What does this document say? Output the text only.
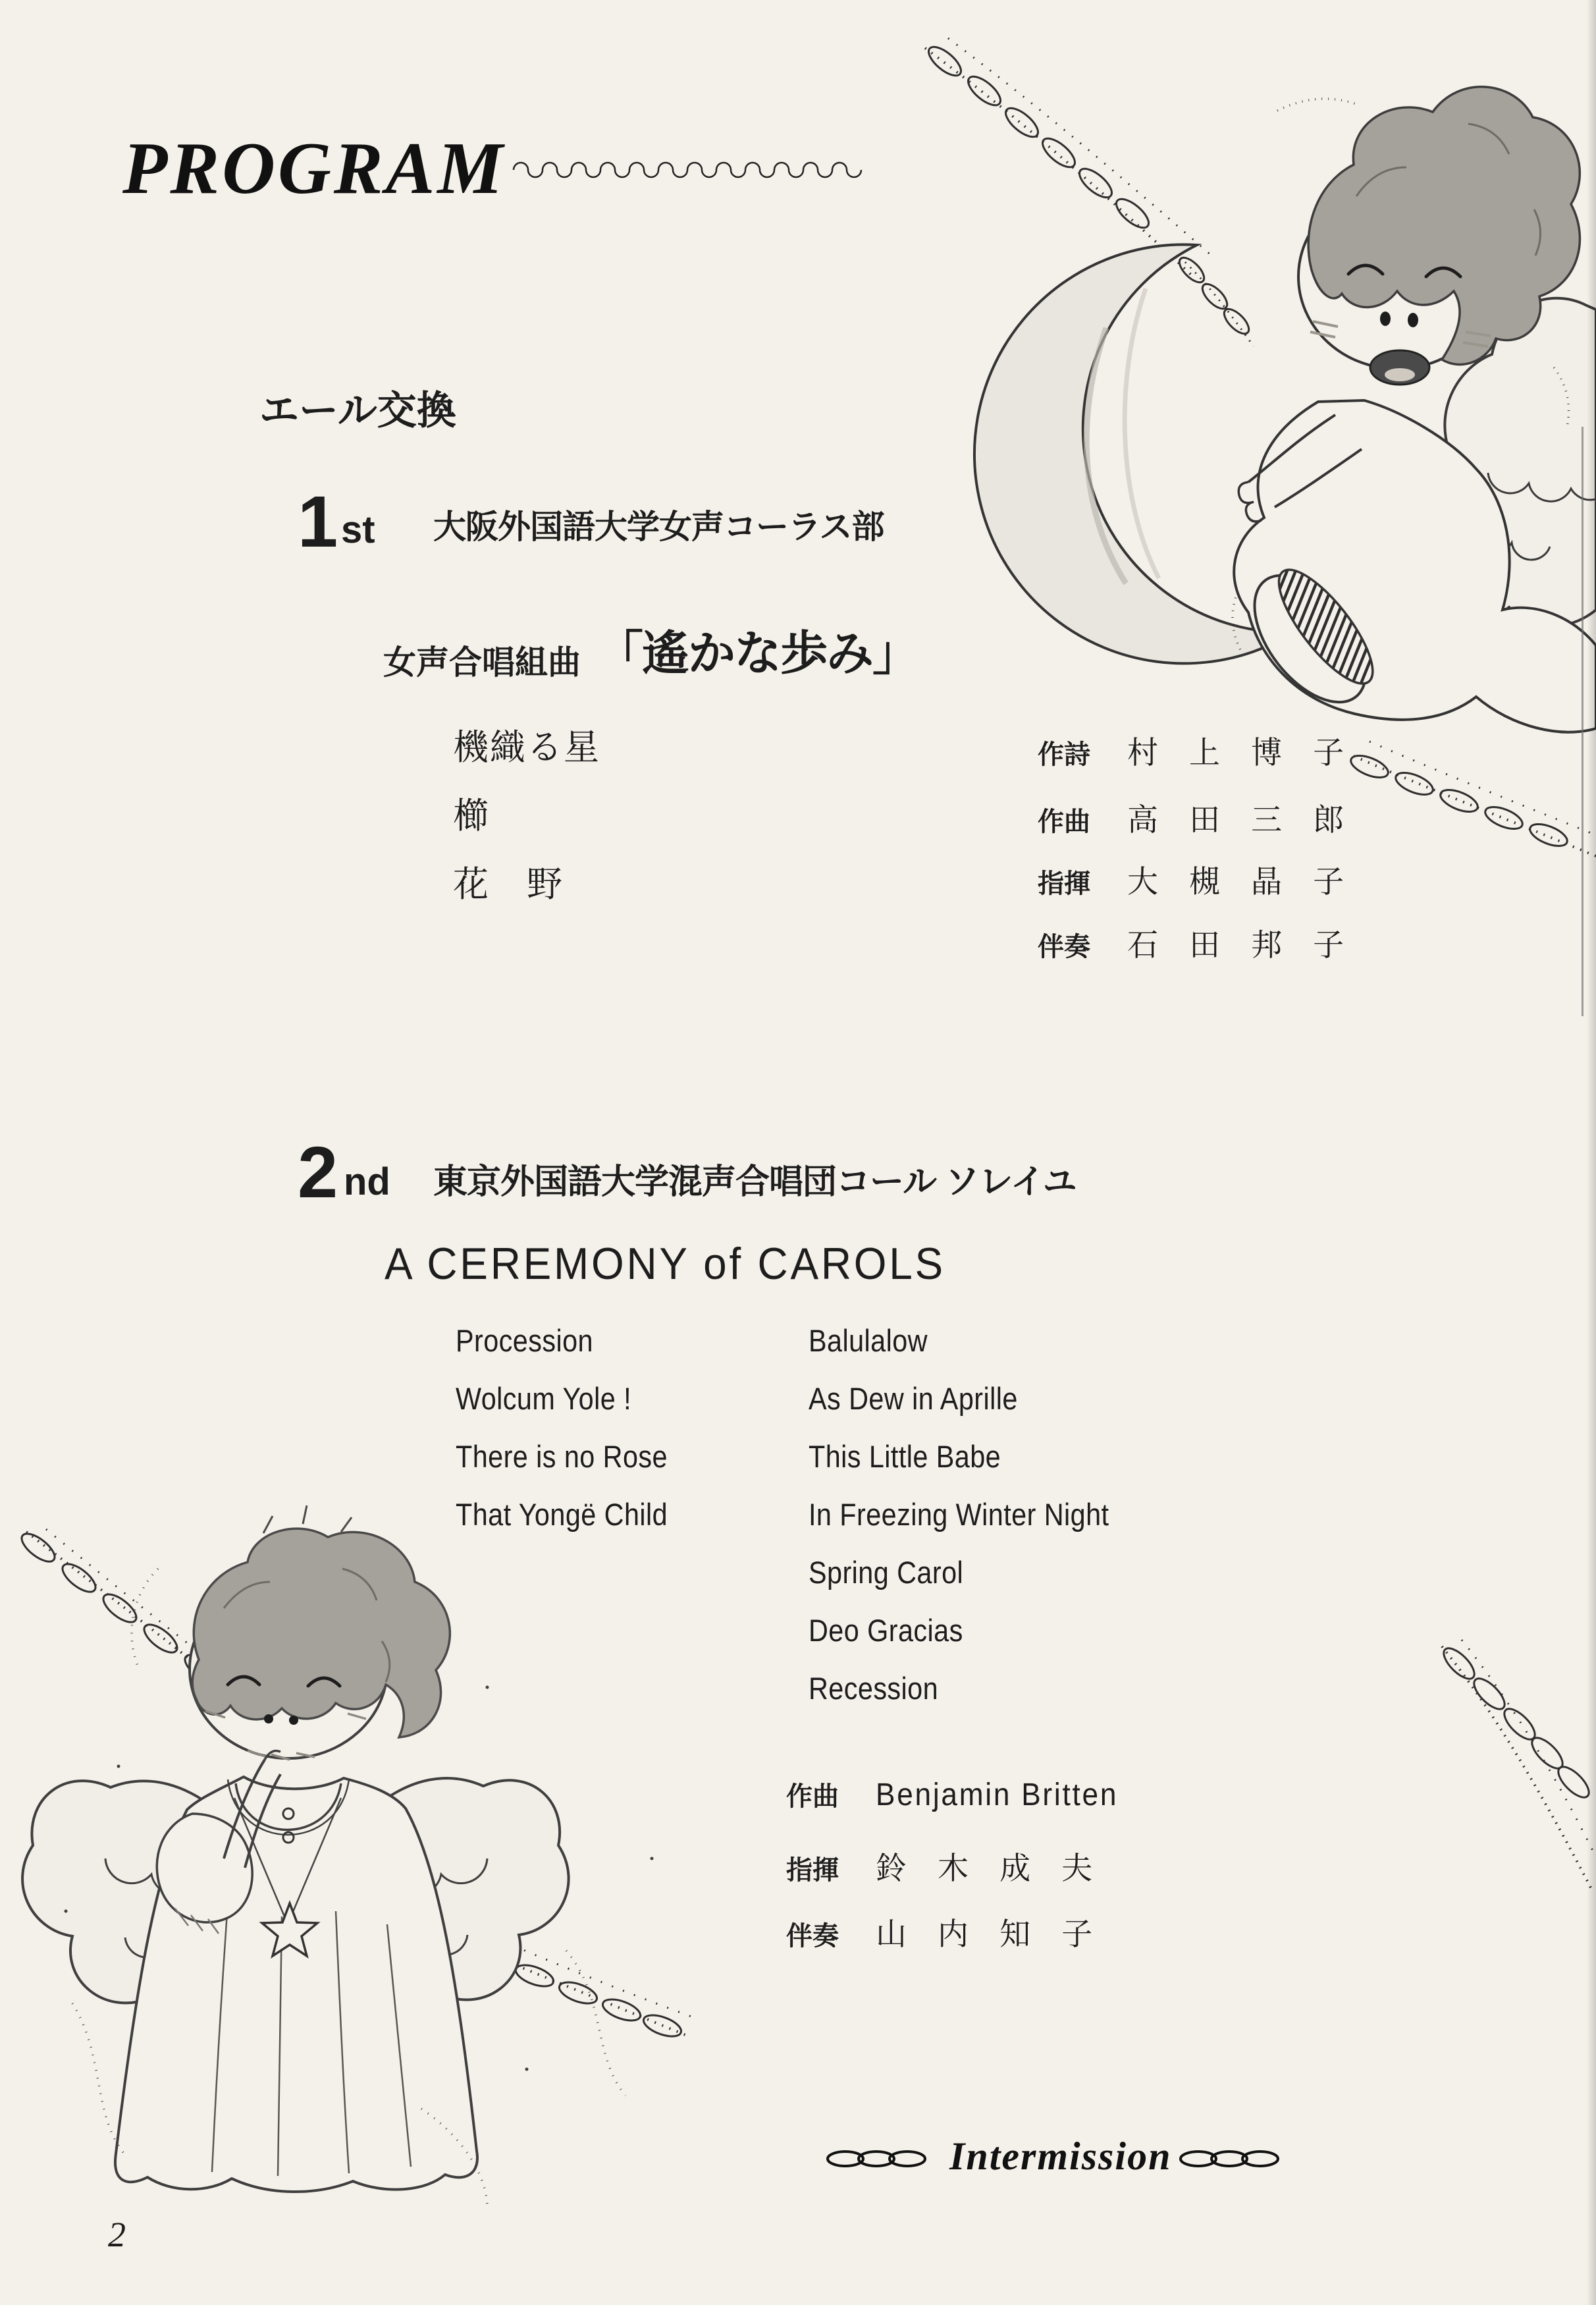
PROGRAM
エール交換
1 st 大阪外国語大学女声コーラス部
女声合唱組曲 「遙かな歩み」
機織る星
櫛
花　野
作詩 村 上 博 子
作曲 高 田 三 郎
指揮 大 槻 晶 子
伴奏 石 田 邦 子
2 nd 東京外国語大学混声合唱団コール ソレイユ
A CEREMONY of CAROLS
Procession
Wolcum Yole !
There is no Rose
That Yongë Child
Balulalow
As Dew in Aprille
This Little Babe
In Freezing Winter Night
Spring Carol
Deo Gracias
Recession
作曲 Benjamin Britten
指揮 鈴 木 成 夫
伴奏 山 内 知 子
Intermission
2
